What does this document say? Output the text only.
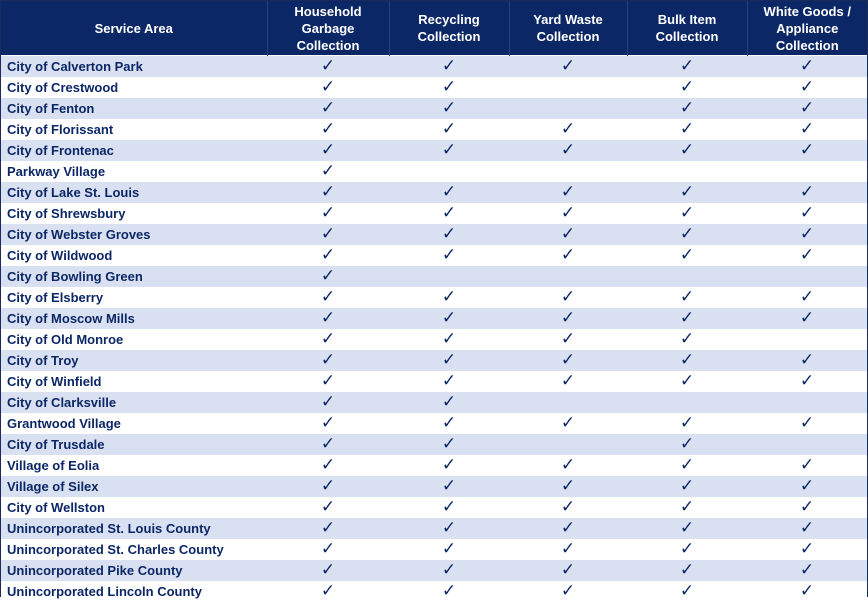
Service Area	Household Garbage Collection	Recycling Collection	Yard Waste Collection	Bulk Item Collection	White Goods / Appliance Collection
City of Calverton Park	✓	✓	✓	✓	✓
City of Crestwood	✓	✓		✓	✓
City of Fenton	✓	✓		✓	✓
City of Florissant	✓	✓	✓	✓	✓
City of Frontenac	✓	✓	✓	✓	✓
Parkway Village	✓				
City of Lake St. Louis	✓	✓	✓	✓	✓
City of Shrewsbury	✓	✓	✓	✓	✓
City of Webster Groves	✓	✓	✓	✓	✓
City of Wildwood	✓	✓	✓	✓	✓
City of Bowling Green	✓				
City of Elsberry	✓	✓	✓	✓	✓
City of Moscow Mills	✓	✓	✓	✓	✓
City of Old Monroe	✓	✓	✓	✓	
City of Troy	✓	✓	✓	✓	✓
City of Winfield	✓	✓	✓	✓	✓
City of Clarksville	✓	✓			
Grantwood Village	✓	✓	✓	✓	✓
City of Trusdale	✓	✓		✓	
Village of Eolia	✓	✓	✓	✓	✓
Village of Silex	✓	✓	✓	✓	✓
City of Wellston	✓	✓	✓	✓	✓
Unincorporated St. Louis County	✓	✓	✓	✓	✓
Unincorporated St. Charles County	✓	✓	✓	✓	✓
Unincorporated Pike County	✓	✓	✓	✓	✓
Unincorporated Lincoln County	✓	✓	✓	✓	✓
